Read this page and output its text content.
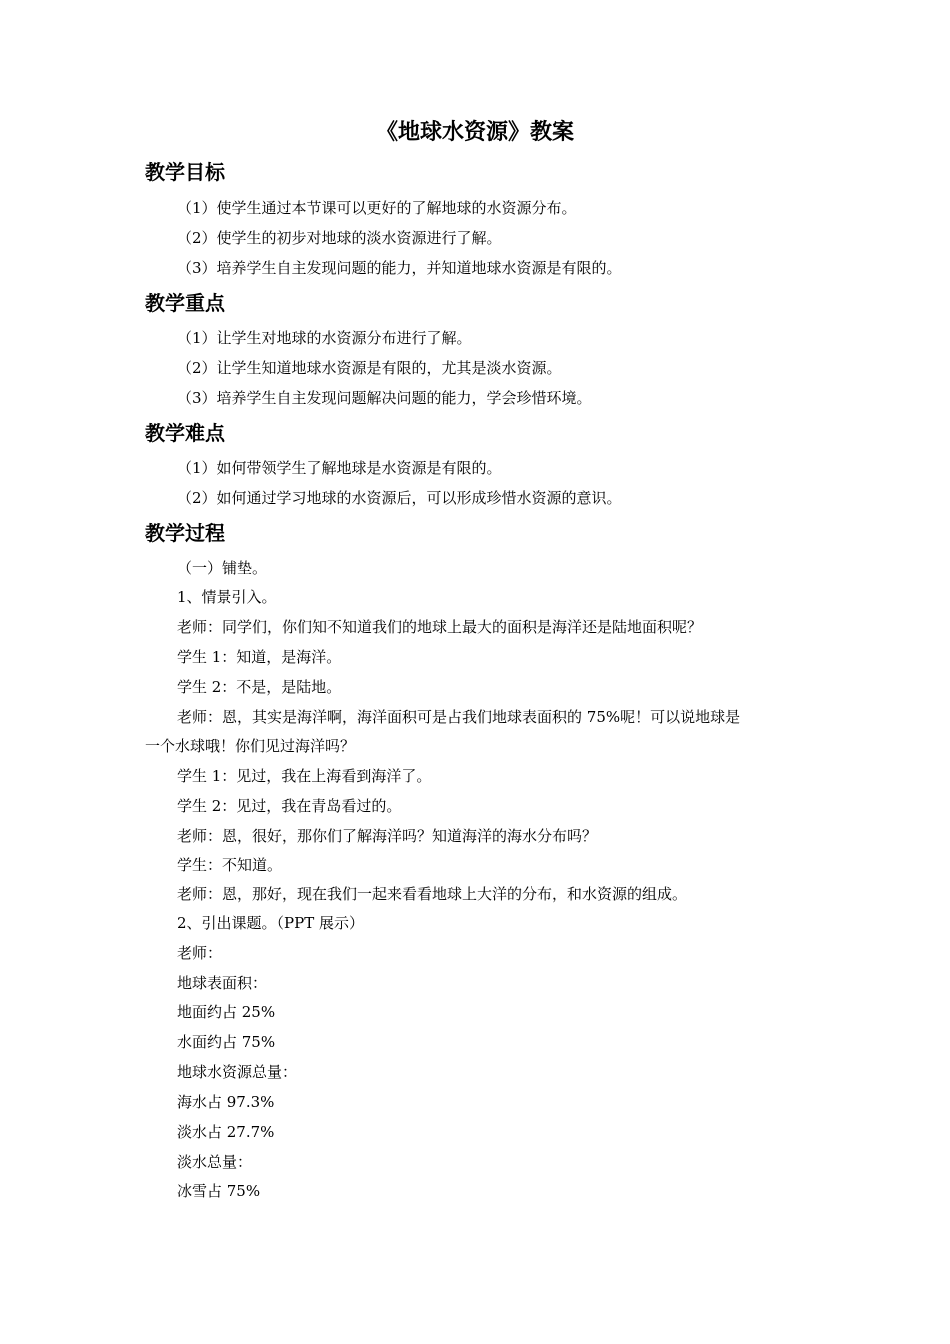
《地球水资源》教案
教学目标

（1）使学生通过本节课可以更好的了解地球的水资源分布。

（2）使学生的初步对地球的淡水资源进行了解。

（3）培养学生自主发现问题的能力，并知道地球水资源是有限的。

教学重点

（1）让学生对地球的水资源分布进行了解。

（2）让学生知道地球水资源是有限的，尤其是淡水资源。

（3）培养学生自主发现问题解决问题的能力，学会珍惜环境。

教学难点

（1）如何带领学生了解地球是水资源是有限的。

（2）如何通过学习地球的水资源后，可以形成珍惜水资源的意识。

教学过程

（一）铺垫。

1、情景引入。

老师：同学们，你们知不知道我们的地球上最大的面积是海洋还是陆地面积呢？

学生 1：知道，是海洋。

学生 2：不是，是陆地。

老师：恩，其实是海洋啊，海洋面积可是占我们地球表面积的 75%呢！可以说地球是

一个水球哦！你们见过海洋吗？

学生 1：见过，我在上海看到海洋了。

学生 2：见过，我在青岛看过的。

老师：恩，很好，那你们了解海洋吗？知道海洋的海水分布吗？

学生：不知道。

老师：恩，那好，现在我们一起来看看地球上大洋的分布，和水资源的组成。

2、引出课题。（PPT 展示）

老师：

地球表面积：

地面约占 25%

水面约占 75%

地球水资源总量：

海水占 97.3%

淡水占 27.7%

淡水总量：

冰雪占 75%
